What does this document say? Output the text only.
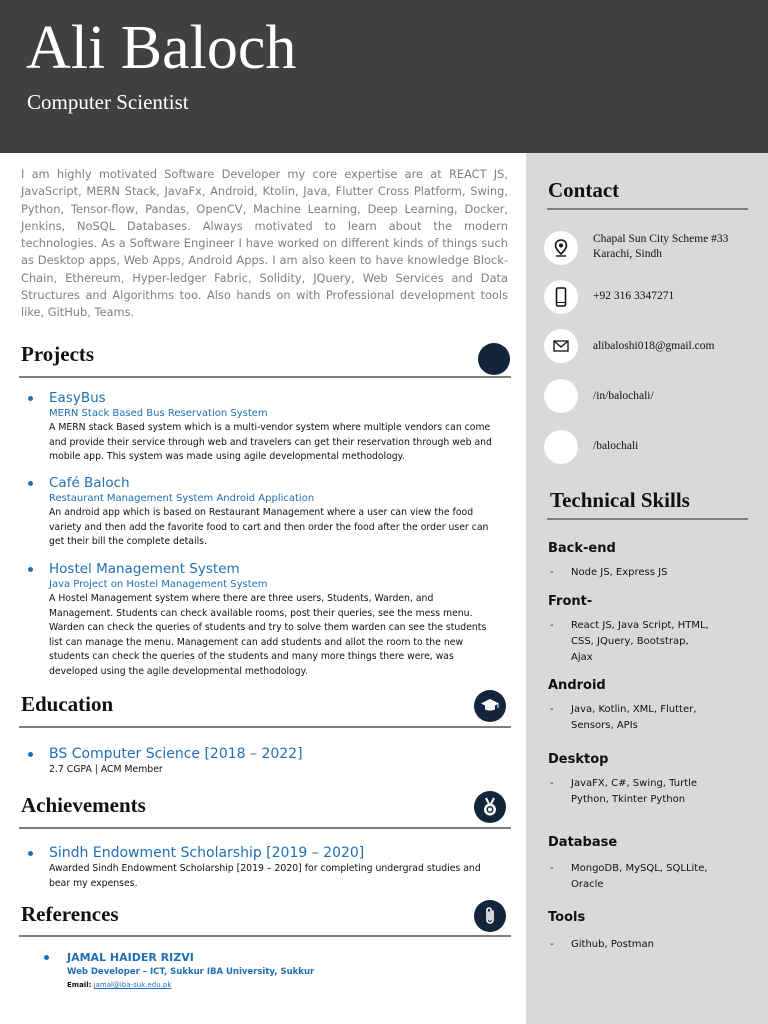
Ali Baloch
Computer Scientist
I am highly motivated Software Developer my core expertise are at REACT JS, JavaScript, MERN Stack, JavaFx, Android, Ktolin, Java, Flutter Cross Platform, Swing, Python, Tensor-flow, Pandas, OpenCV, Machine Learning, Deep Learning, Docker, Jenkins, NoSQL Databases. Always motivated to learn about the modern technologies. As a Software Engineer I have worked on different kinds of things such as Desktop apps, Web Apps, Android Apps. I am also keen to have knowledge Block-Chain, Ethereum, Hyper-ledger Fabric, Solidity, JQuery, Web Services and Data Structures and Algorithms too. Also hands on with Professional development tools like, GitHub, Teams.
Projects
EasyBus
MERN Stack Based Bus Reservation System
A MERN stack Based system which is a multi-vendor system where multiple vendors can come and provide their service through web and travelers can get their reservation through web and mobile app. This system was made using agile developmental methodology.
Café Baloch
Restaurant Management System Android Application
An android app which is based on Restaurant Management where a user can view the food variety and then add the favorite food to cart and then order the food after the order user can get their bill the complete details.
Hostel Management System
Java Project on Hostel Management System
A Hostel Management system where there are three users, Students, Warden, and Management. Students can check available rooms, post their queries, see the mess menu. Warden can check the queries of students and try to solve them warden can see the students list can manage the menu. Management can add students and allot the room to the new students can check the queries of the students and many more things there were, was developed using the agile developmental methodology.
Education
BS Computer Science [2018 – 2022]
2.7 CGPA | ACM Member
Achievements
Sindh Endowment Scholarship [2019 – 2020]
Awarded Sindh Endowment Scholarship [2019 – 2020] for completing undergrad studies and bear my expenses.
References
JAMAL HAIDER RIZVI
Web Developer – ICT, Sukkur IBA University, Sukkur
Email: jamal@iba-suk.edu.pk
Contact
Chapal Sun City Scheme #33
Karachi, Sindh
+92 316 3347271
alibaloshi018@gmail.com
/in/balochali/
/balochali
Technical Skills
Back-end
- Node JS, Express JS
Front-
- React JS, Java Script, HTML, CSS, JQuery, Bootstrap, Ajax
Android
- Java, Kotlin, XML, Flutter, Sensors, APIs
Desktop
- JavaFX, C#, Swing, Turtle Python, Tkinter Python
Database
- MongoDB, MySQL, SQLLite, Oracle
Tools
- Github, Postman
